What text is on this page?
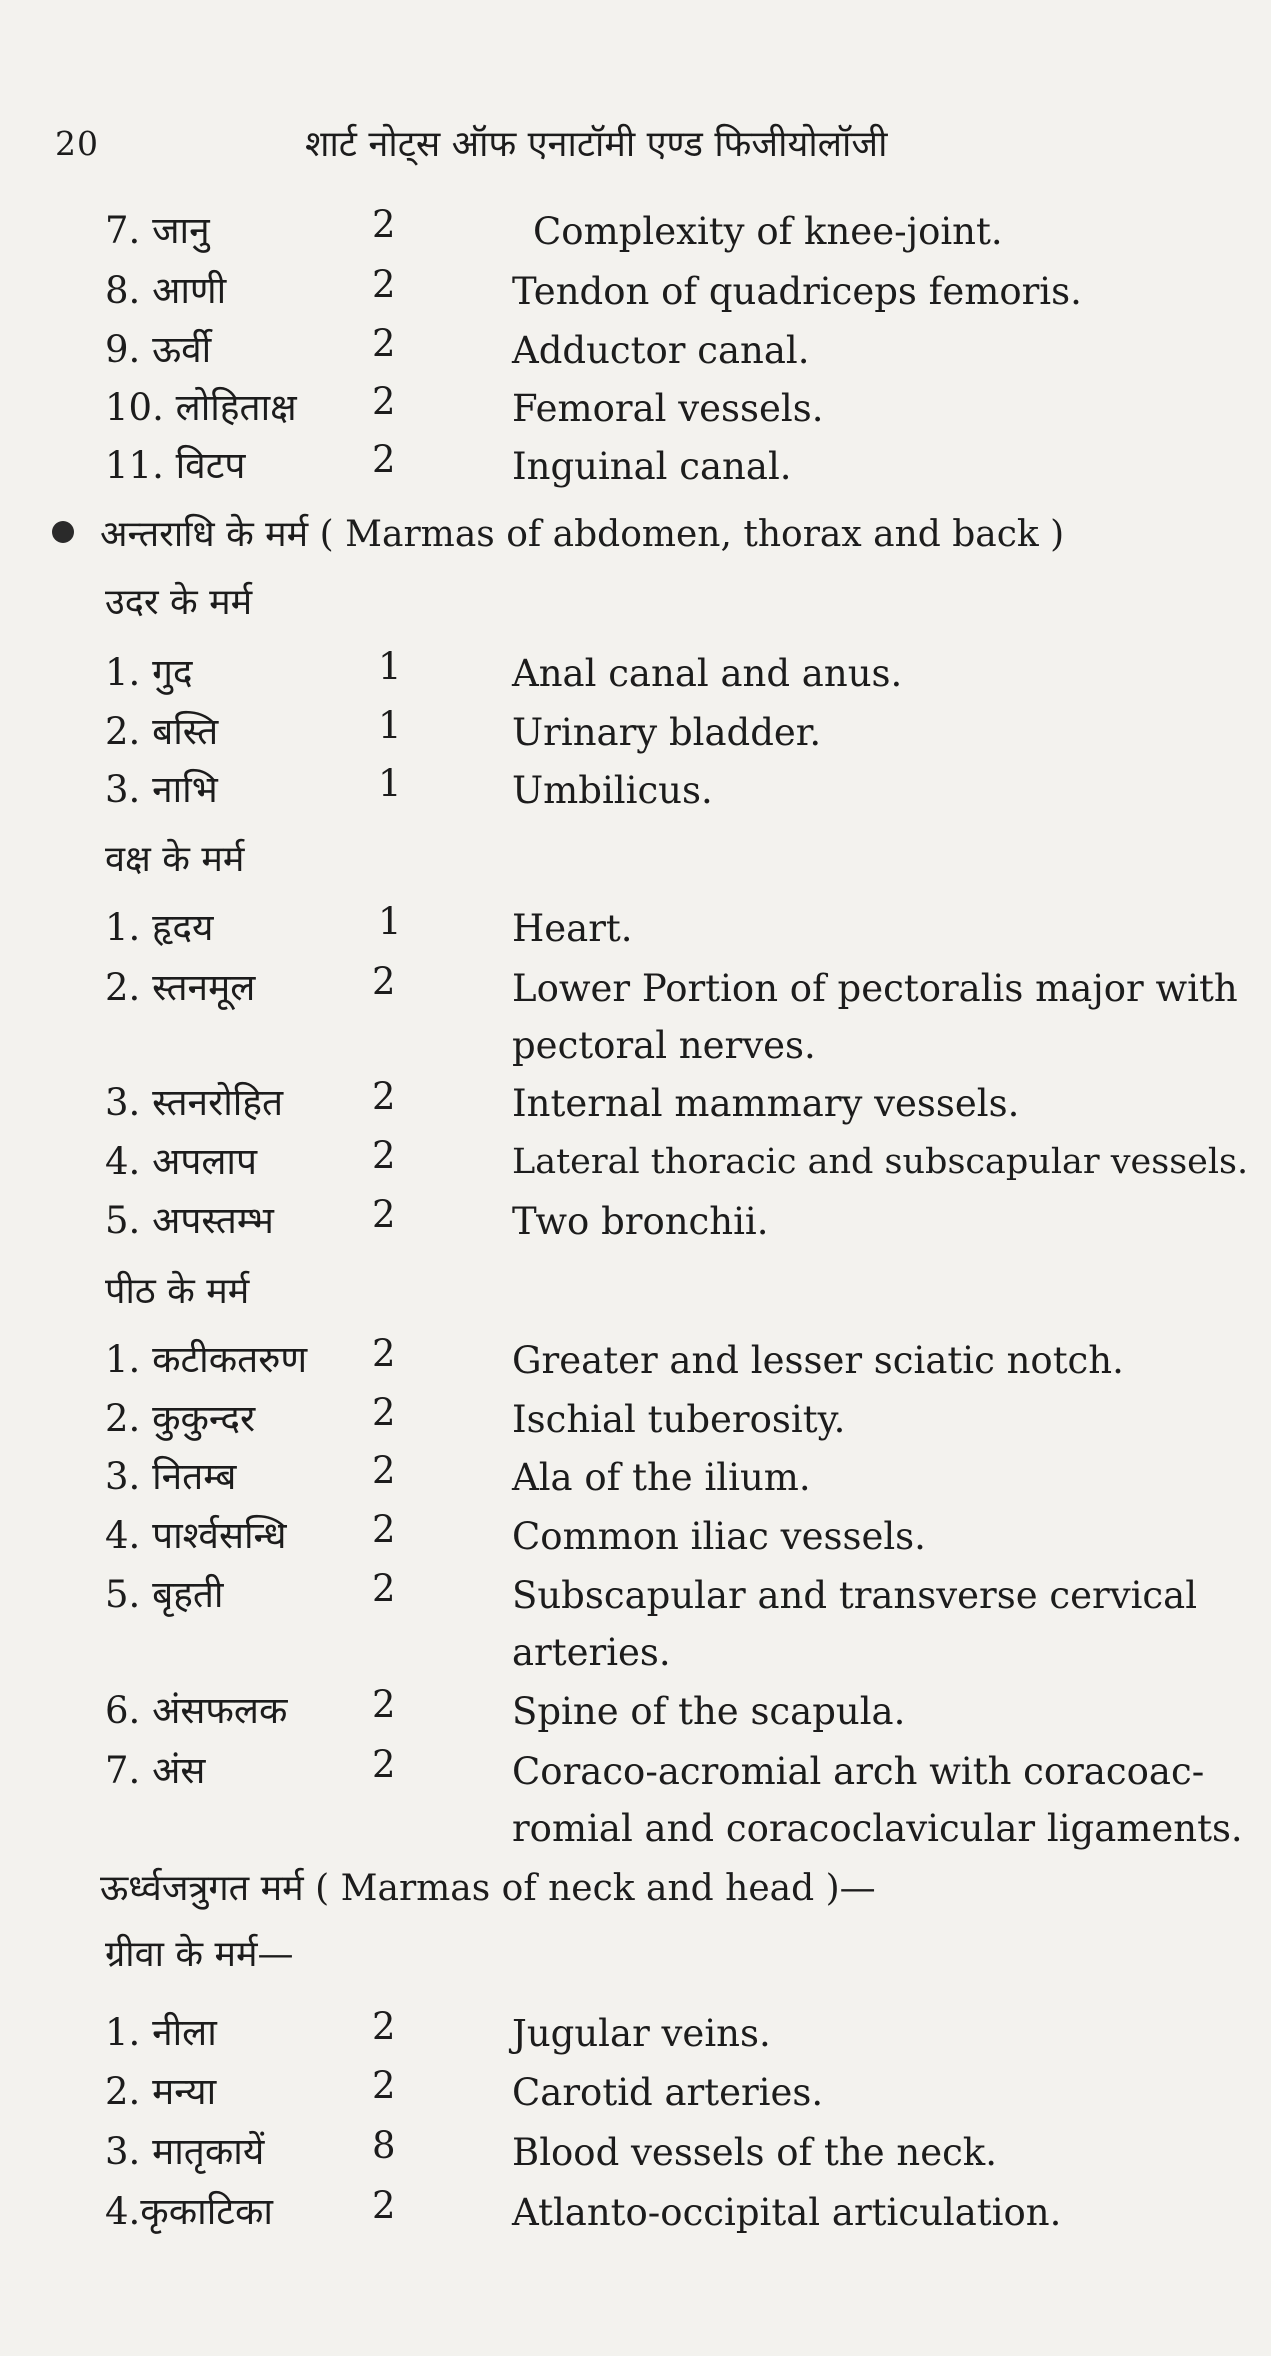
20	शार्ट नोट्स ऑफ एनाटॉमी एण्ड फिजीयोलॉजी
7. जानु	2	Complexity of knee-joint.
8. आणी	2	Tendon of quadriceps femoris.
9. ऊर्वी	2	Adductor canal.
10. लोहिताक्ष 2	Femoral vessels.
11. विटप	2	Inguinal canal.
अन्तराधि के मर्म ( Marmas of abdomen, thorax and back )
उदर के मर्म
1. गुद	1	Anal canal and anus.
2. बस्ति	1	Urinary bladder.
3. नाभि	1	Umbilicus.
वक्ष के मर्म
1. हृदय	1	Heart.
2. स्तनमूल	2	Lower Portion of pectoralis major with
pectoral nerves.
3. स्तनरोहित 2	Internal mammary vessels.
4. अपलाप	2	Lateral thoracic and subscapular vessels.
5. अपस्तम्भ	2	Two bronchii.
पीठ के मर्म
1. कटीकतरुण 2	Greater and lesser sciatic notch.
2. कुकुन्दर	2	Ischial tuberosity.
3. नितम्ब	2	Ala of the ilium.
4. पार्श्वसन्धि 2	Common iliac vessels.
5. बृहती	2	Subscapular and transverse cervical
arteries.
6. अंसफलक 2	Spine of the scapula.
7. अंस	2	Coraco-acromial arch with coracoac-
romial and coracoclavicular ligaments.
ऊर्ध्वजत्रुगत मर्म ( Marmas of neck and head )—
ग्रीवा के मर्म—
1. नीला	2	Jugular veins.
2. मन्या	2	Carotid arteries.
3. मातृकायें	8	Blood vessels of the neck.
4.कृकाटिका	2	Atlanto-occipital articulation.
